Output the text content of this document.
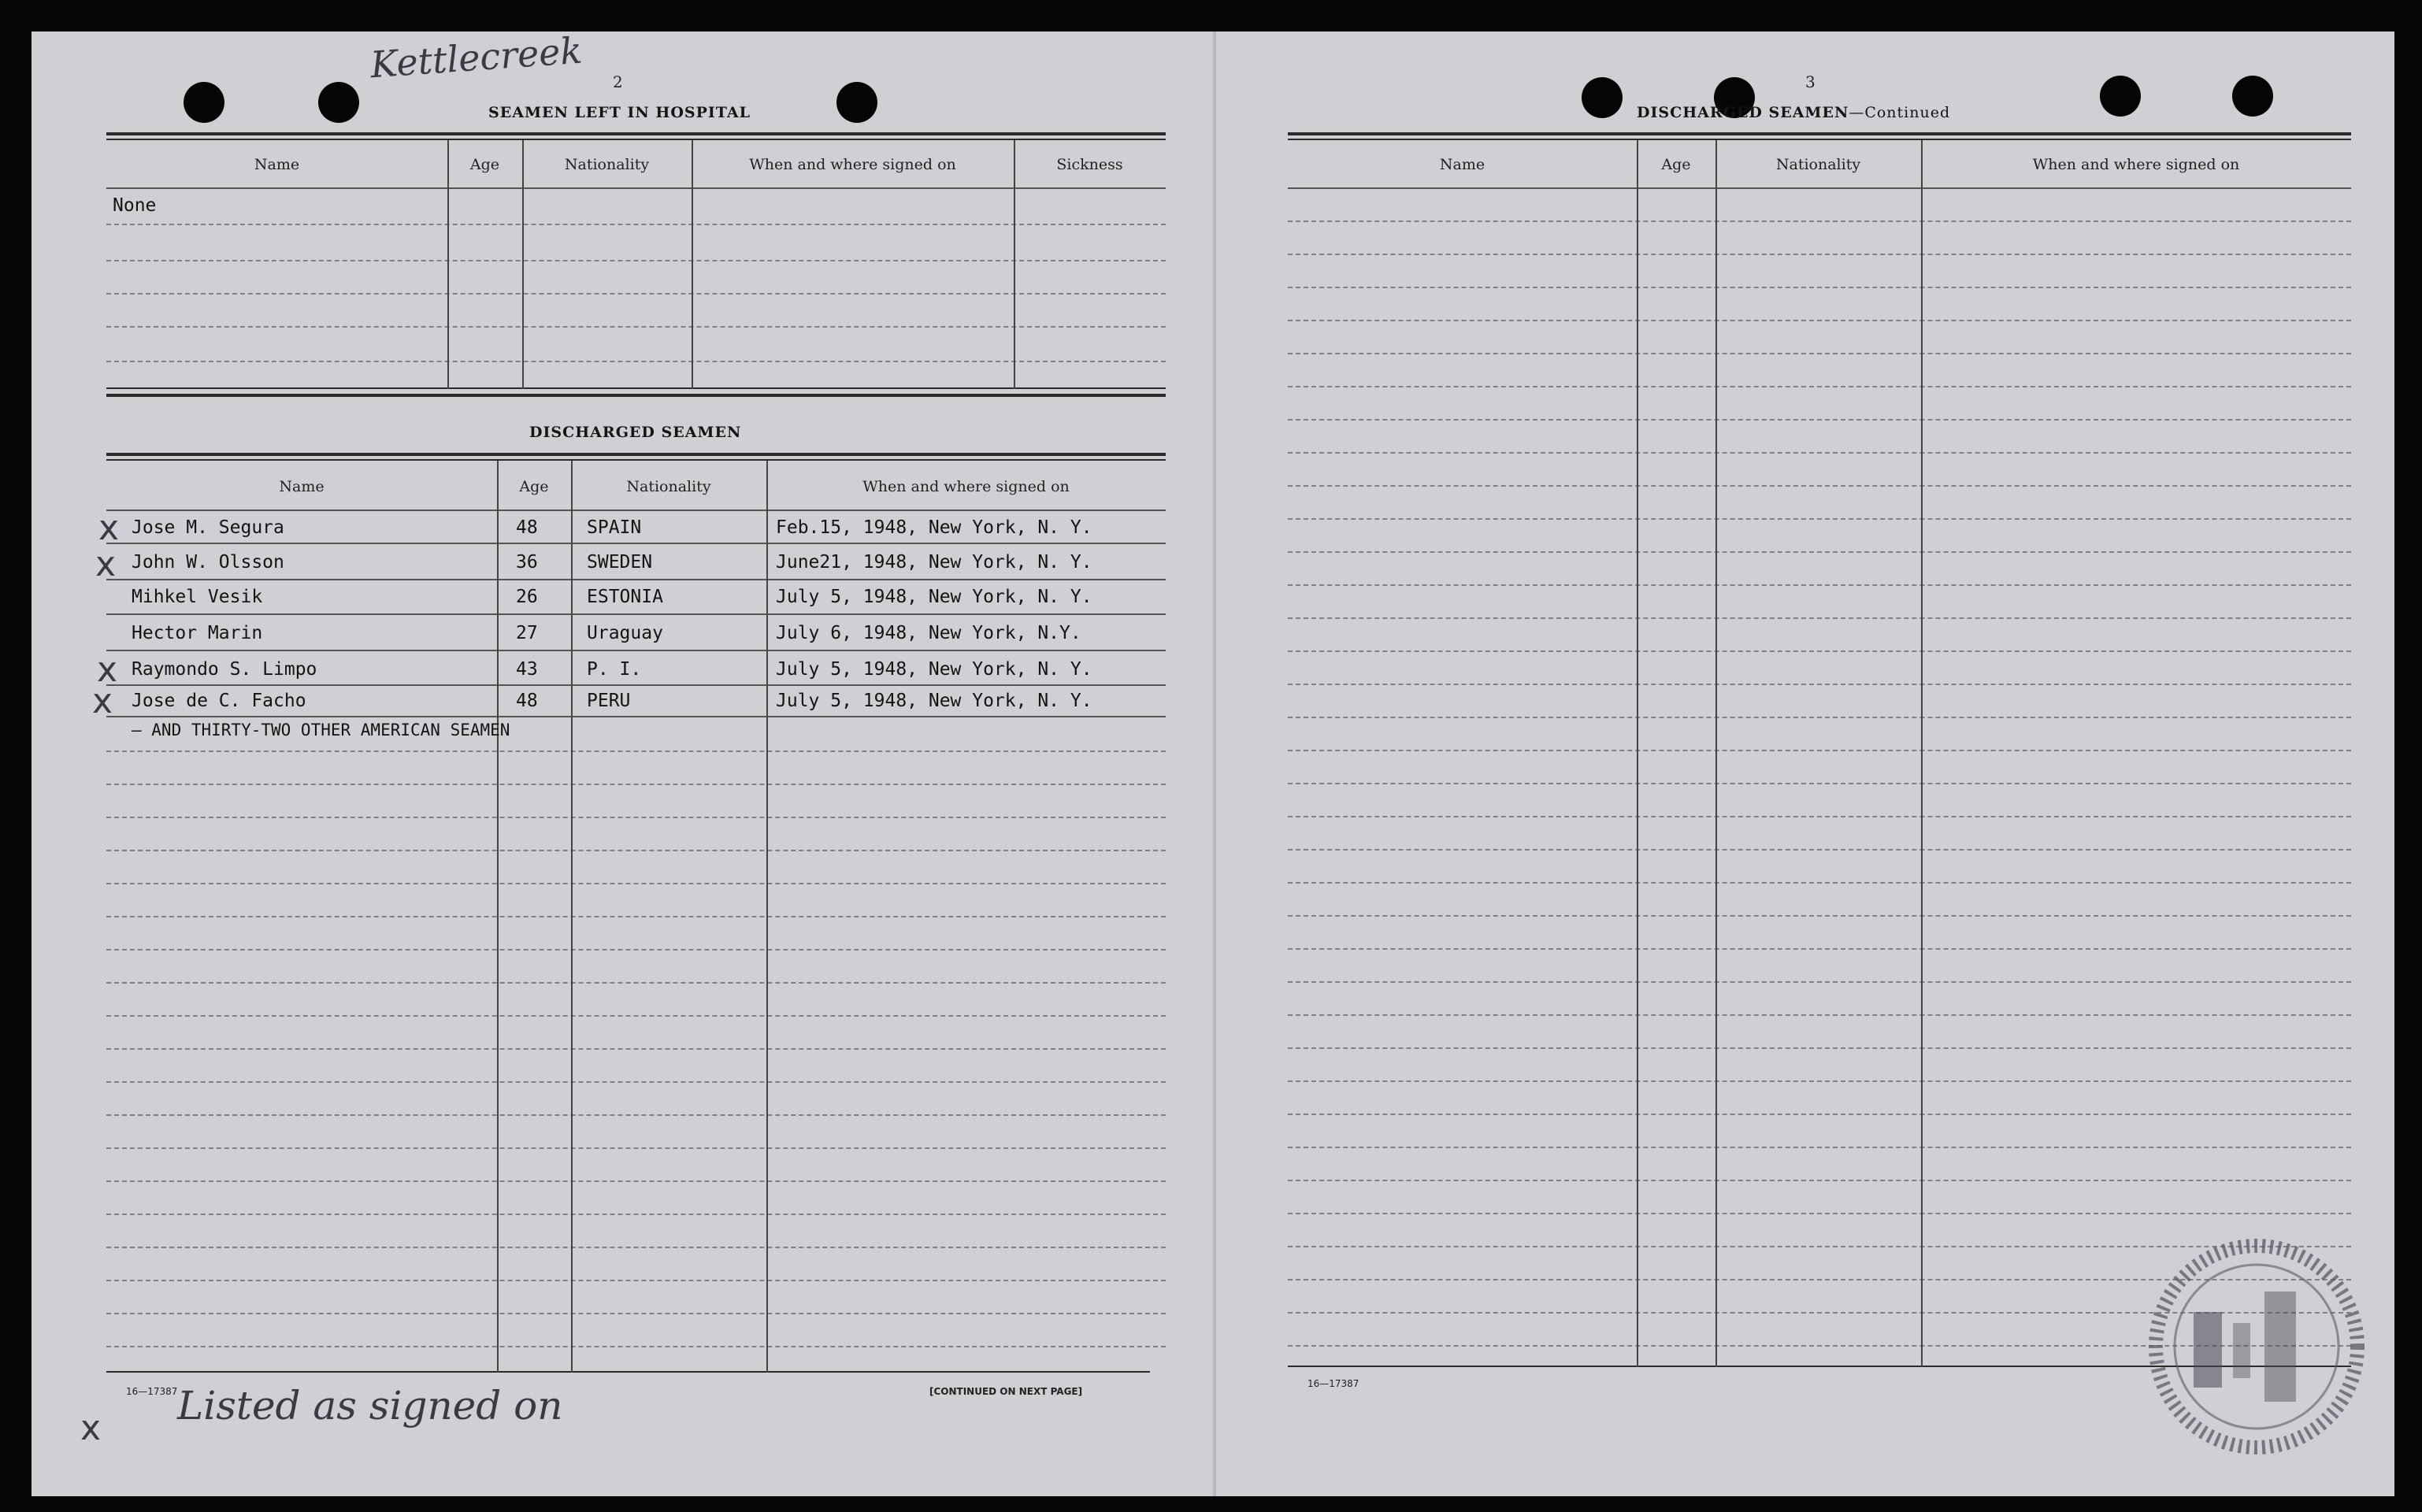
Kettlecreek 2
SEAMEN LEFT IN HOSPITAL
Name	Age	Nationality	When and where signed on	Sickness
None
DISCHARGED SEAMEN
Name	Age	Nationality	When and where signed on
x Jose M. Segura	48	SPAIN	Feb.15, 1948, New York, N. Y.
x John W. Olsson	36	SWEDEN	June21, 1948, New York, N. Y.
Mihkel Vesik	26	ESTONIA	July 5, 1948, New York, N. Y.
Hector Marin	27	Uraguay	July 6, 1948, New York, N.Y.
x Raymondo S. Limpo	43	P. I.	July 5, 1948, New York, N. Y.
x Jose de C. Facho	48	PERU	July 5, 1948, New York, N. Y.
— AND THIRTY-TWO OTHER AMERICAN SEAMEN
16—17387	[CONTINUED ON NEXT PAGE]
x Listed as signed on
3
DISCHARGED SEAMEN—Continued
Name	Age	Nationality	When and where signed on
16—17387
